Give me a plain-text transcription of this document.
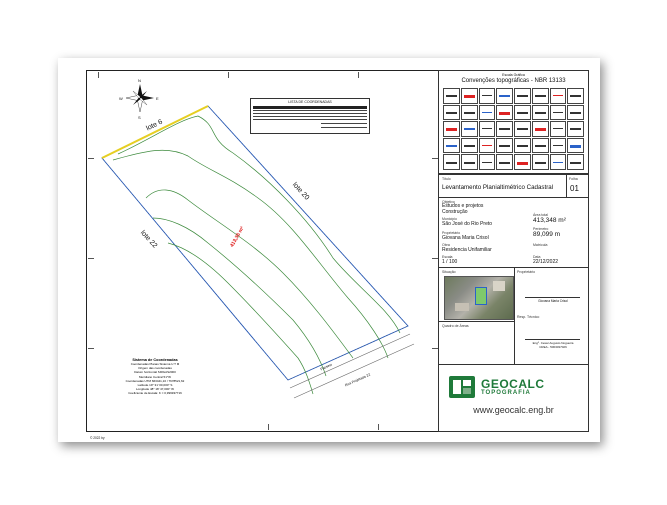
N
S
E
W
lote 6
lote 20
lote 22	413,36 m²
Passeio
Rua Projetada 22
LISTA DE COORDENADAS
Sistema de Coordenadas
Coordenadas Planas Sistema U T M
Origem das coordenadas
Datum horizontal SIRGAS2000
Meridiano Central 51°W
Coordenadas UTM 663441,10 / 7678521,62
Latitude 19° 31' 00,000" S
Longitude 48° 18' 47,000" W
Coeficiente de Escala: K = 0,999937716
© 2022 by
Escala Gráfica
Convenções topográficas - NBR 13133
Título
Levantamento Planialtimétrico Cadastral
Folha
01
Objetivo
Estudos e projetos
Construção
Município
São José do Rio Preto
Área total
413,348 m²
Proprietário
Giovana Maria Crisol
Perímetro
89,099 m
Obra
Residencia Unifamiliar
Matrícula
Escala
1 / 100
Data
22/12/2022
Situação
Quadro de Áreas
Proprietário
Giovana Maria Crisol
Resp. Técnico
Engº. Cesar Augusto Nogueira
CREA - 5063037026
GEOCALC
TOPOGRAFIA
www.geocalc.eng.br
